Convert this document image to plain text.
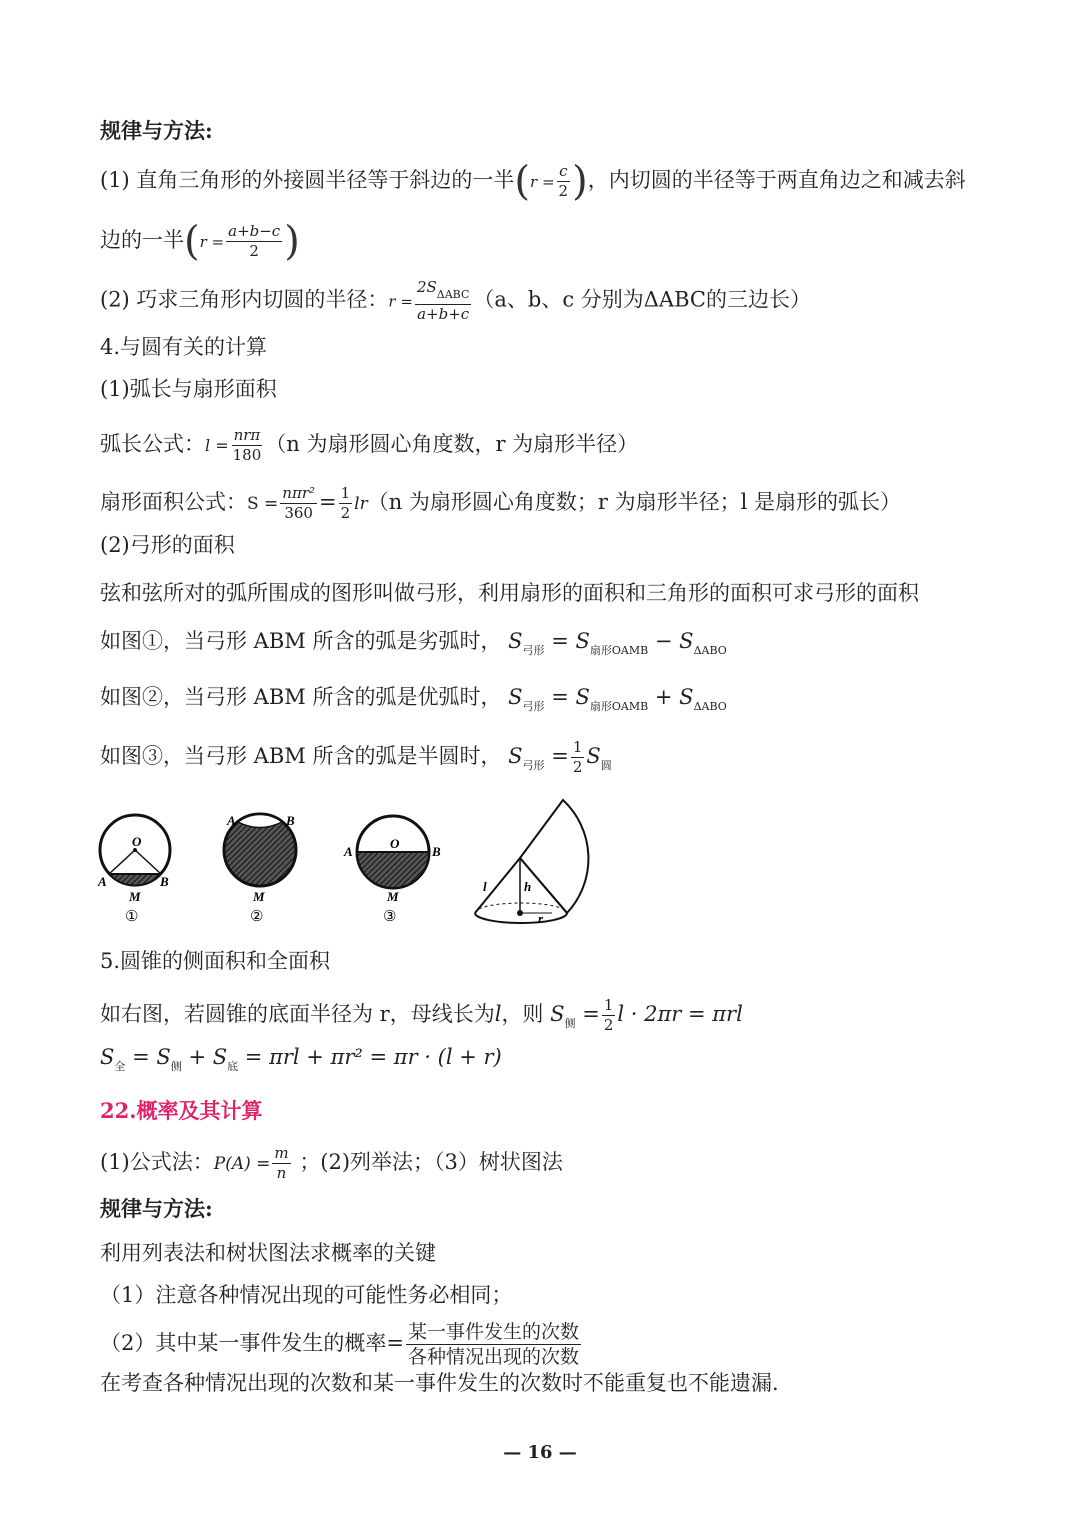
规律与方法:
(1) 直角三角形的外接圆半径等于斜边的一半($r = \frac{c}{2}$ )，内切圆的半径等于两直角边之和减去斜
边的一半($r = \frac{a+b-c}{2}$ )
(2) 巧求三角形内切圆的半径：$r = \frac{2S_{\Delta ABC}}{a+b+c} (a$、b、c 分别为ΔABC的三边长）
4.与圆有关的计算
(1)弧长与扇形面积
弧长公式：$l = \frac{\text{nrπ}}{180} (n$ 为扇形圆心角度数，r 为扇形半径）
扇形面积公式：$S = \frac{\text{nπr²}}{360} = \frac{1}{2} lr(n$ 为扇形圆心角度数；r 为扇形半径；l 是扇形的弧长）
(2)弓形的面积
弦和弦所对的弧所围成的图形叫做弓形，利用扇形的面积和三角形的面积可求弓形的面积
如图①，当弓形 ABM 所含的弧是劣弧时， $S_{弓形} = S_{扇形OAMB} - S_{\Delta ABO}$
如图②，当弓形 ABM 所含的弧是优弧时， $S_{弓形} = S_{扇形OAMB} + S_{\Delta ABO}$
如图③，当弓形 ABM 所含的弧是半圆时， $S_{弓形} = \frac{1}{2} S_圆$
O
A	B
M
①
A	B
M
②
O
A	B
M
③
l	h
r
5.圆锥的侧面积和全面积
如右图，若圆锥的底面半径为 r，母线长为l，则 $S_侧 = \frac{1}{2}$ l · 2πr = πrl
$S_全 = S_侧 + S_底 = \pi rl + \pi r^2 = \pi r \cdot (l + r)$
22.概率及其计算
(1)公式法：$P(A) = \frac{m}{n}$ ；(2)列举法；（3）树状图法
规律与方法:
利用列表法和树状图法求概率的关键
（1）注意各种情况出现的可能性务必相同；
（2）其中某一事件发生的概率= $\frac{\text{某一事件发生的次数}}{\text{各种情况出现的次数}}$
在考查各种情况出现的次数和某一事件发生的次数时不能重复也不能遗漏.
— 16 —
